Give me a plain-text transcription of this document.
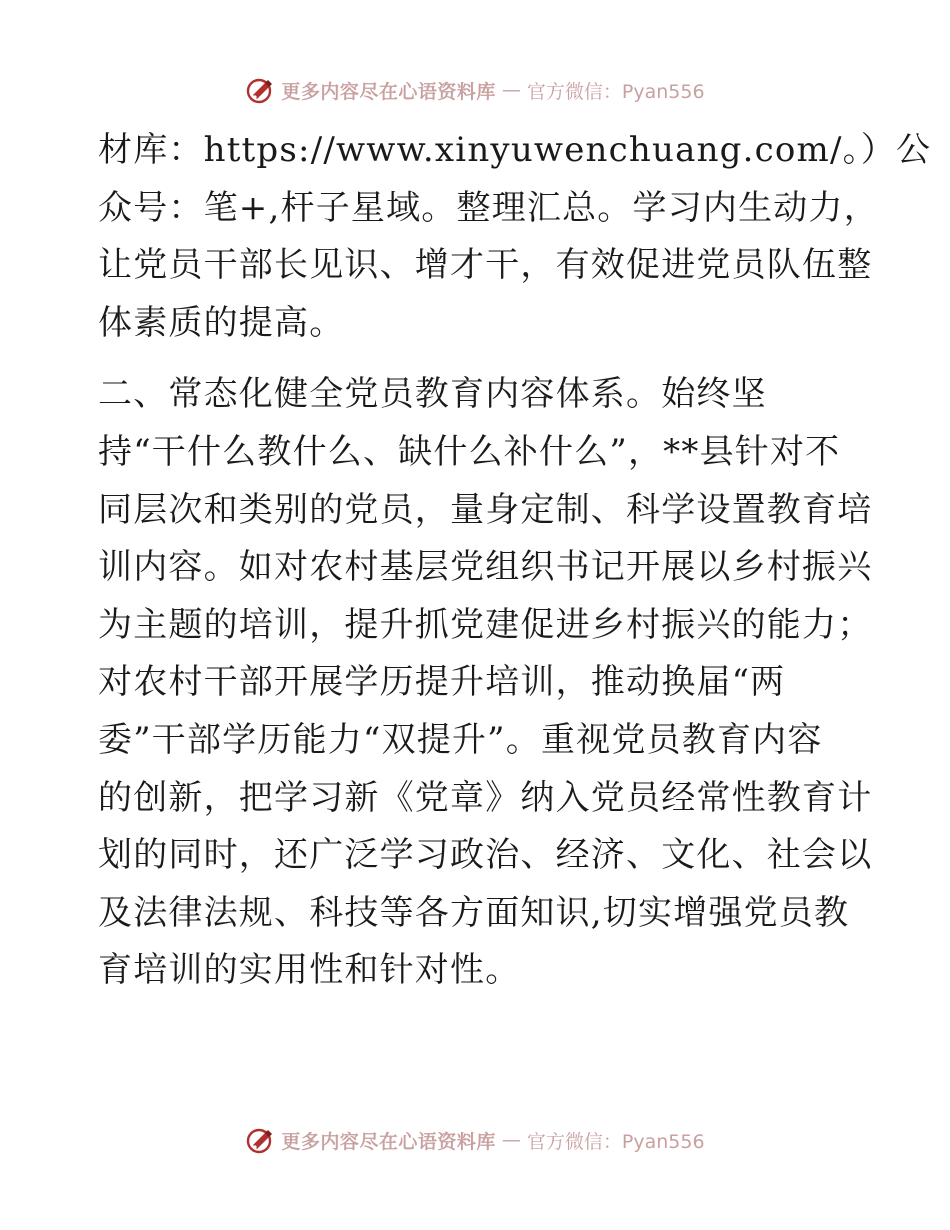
更多内容尽在心语资料库 — 官方微信：Pyan556
材库：https://www.xinyuwenchuang.com/。）公
众号：笔+,杆子星域。整理汇总。学习内生动力，
让党员干部长见识、增才干，有效促进党员队伍整
体素质的提高。
二、常态化健全党员教育内容体系。始终坚
持“干什么教什么、缺什么补什么”，**县针对不
同层次和类别的党员，量身定制、科学设置教育培
训内容。如对农村基层党组织书记开展以乡村振兴
为主题的培训，提升抓党建促进乡村振兴的能力；
对农村干部开展学历提升培训，推动换届“两
委”干部学历能力“双提升”。重视党员教育内容
的创新，把学习新《党章》纳入党员经常性教育计
划的同时，还广泛学习政治、经济、文化、社会以
及法律法规、科技等各方面知识,切实增强党员教
育培训的实用性和针对性。
更多内容尽在心语资料库 — 官方微信：Pyan556
